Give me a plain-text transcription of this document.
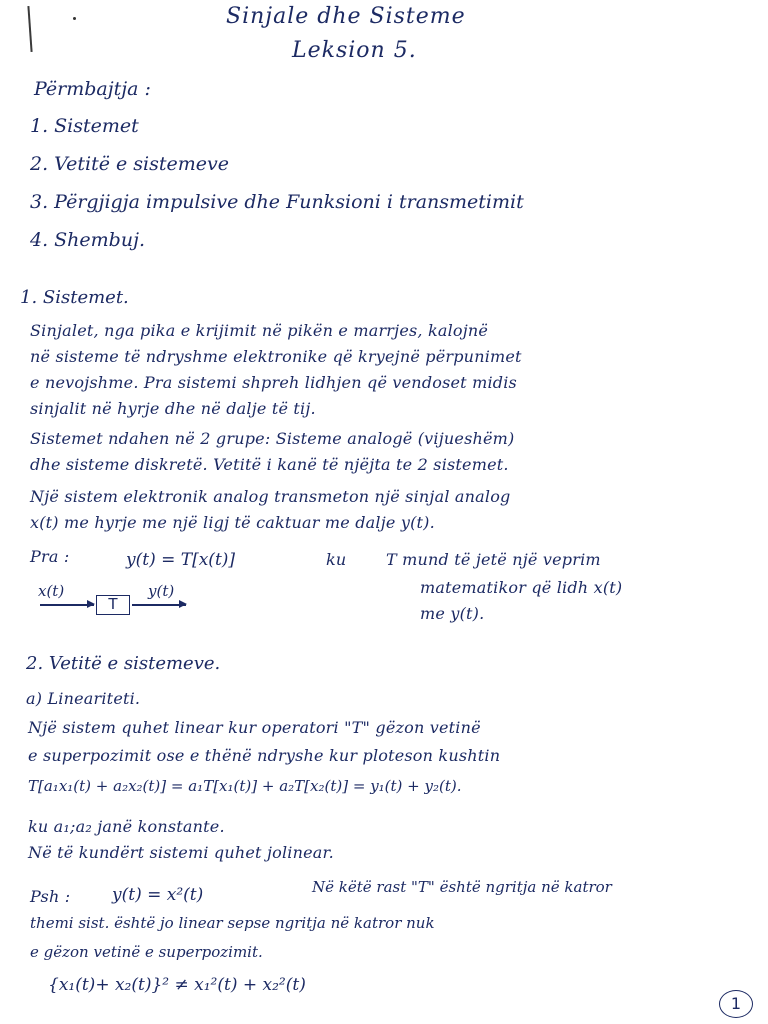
Sinjale dhe Sisteme
Leksion 5.
Përmbajtja :
1. Sistemet
2. Vetitë e sistemeve
3. Përgjigja impulsive dhe Funksioni i transmetimit
4. Shembuj.
1. Sistemet.
Sinjalet, nga pika e krijimit në pikën e marrjes, kalojnë
në sisteme të ndryshme elektronike që kryejnë përpunimet
e nevojshme. Pra sistemi shpreh lidhjen që vendoset midis
sinjalit në hyrje dhe në dalje të tij.
Sistemet ndahen në 2 grupe: Sisteme analogë (vijueshëm)
dhe sisteme diskretë. Vetitë i kanë të njëjta te 2 sistemet.
Një sistem elektronik analog transmeton një sinjal analog
x(t) me hyrje me një ligj të caktuar me dalje y(t).
Pra :	y(t) = T[x(t)]	ku T mund të jetë një veprim
matematikor që lidh x(t)
me y(t).
x(t)
T
y(t)
2. Vetitë e sistemeve.
a) Lineariteti.
Një sistem quhet linear kur operatori "T" gëzon vetinë
e superpozimit ose e thënë ndryshe kur ploteson kushtin
T[a₁x₁(t) + a₂x₂(t)] = a₁T[x₁(t)] + a₂T[x₂(t)] = y₁(t) + y₂(t).
ku a₁;a₂ janë konstante.
Në të kundërt sistemi quhet jolinear.
Psh : y(t) = x²(t)	Në këtë rast "T" është ngritja në katror
themi sist. është jo linear sepse ngritja në katror nuk
e gëzon vetinë e superpozimit.
{x₁(t)+ x₂(t)}² ≠ x₁²(t) + x₂²(t)
1
